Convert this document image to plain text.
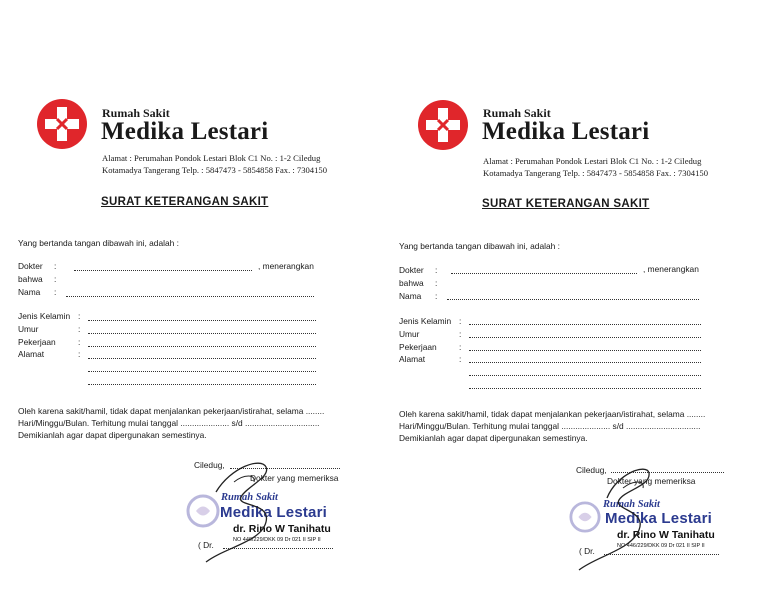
Rumah Sakit
Medika Lestari
Alamat : Perumahan Pondok Lestari Blok C1 No. : 1-2 Ciledug
Kotamadya Tangerang Telp. : 5847473 - 5854858 Fax. : 7304150
SURAT KETERANGAN SAKIT
Yang bertanda tangan dibawah ini, adalah :
Dokter :	, menerangkan
bahwa :
Nama :
Jenis Kelamin :
Umur	:
Pekerjaan	:
Alamat	:
Oleh karena sakit/hamil, tidak dapat menjalankan pekerjaan/istirahat, selama ........
Hari/Minggu/Bulan. Terhitung mulai tanggal ..................... s/d ................................
Demikianlah agar dapat dipergunakan semestinya.
Ciledug,
Dokter yang memeriksa
Rumah Sakit
Medika Lestari
dr. Rino W Tanihatu
NO 446/229/DKK 09 Dr 021 II SIP II
( Dr.
Rumah Sakit
Medika Lestari
Alamat : Perumahan Pondok Lestari Blok C1 No. : 1-2 Ciledug
Kotamadya Tangerang Telp. : 5847473 - 5854858 Fax. : 7304150
SURAT KETERANGAN SAKIT
Yang bertanda tangan dibawah ini, adalah :
Dokter :	, menerangkan
bahwa :
Nama :
Jenis Kelamin :
Umur	:
Pekerjaan	:
Alamat	:
Oleh karena sakit/hamil, tidak dapat menjalankan pekerjaan/istirahat, selama ........
Hari/Minggu/Bulan. Terhitung mulai tanggal ..................... s/d ................................
Demikianlah agar dapat dipergunakan semestinya.
Ciledug,
Dokter yang memeriksa
Rumah Sakit
Medika Lestari
dr. Rino W Tanihatu
NO 446/229/DKK 09 Dr 021 II SIP II
( Dr.
